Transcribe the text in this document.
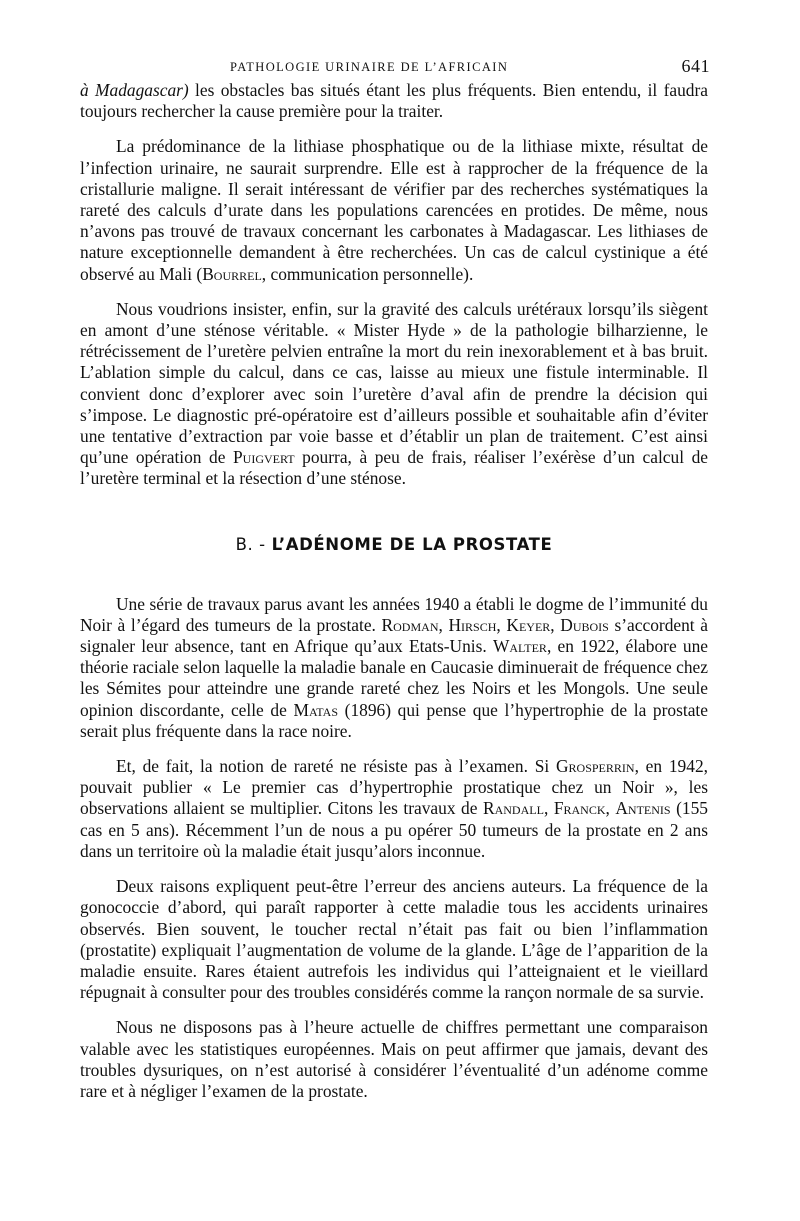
PATHOLOGIE URINAIRE DE L’AFRICAIN	641

à Madagascar) les obstacles bas situés étant les plus fréquents. Bien entendu, il faudra toujours rechercher la cause première pour la traiter.

La prédominance de la lithiase phosphatique ou de la lithiase mixte, résultat de l’infection urinaire, ne saurait surprendre. Elle est à rapprocher de la fréquence de la cristallurie maligne. Il serait intéressant de vérifier par des recherches systématiques la rareté des calculs d’urate dans les populations carencées en protides. De même, nous n’avons pas trouvé de travaux concernant les carbonates à Madagascar. Les lithiases de nature exceptionnelle demandent à être recherchées. Un cas de calcul cystinique a été observé au Mali (Bourrel, communication personnelle).

Nous voudrions insister, enfin, sur la gravité des calculs urétéraux lorsqu’ils siègent en amont d’une sténose véritable. « Mister Hyde » de la pathologie bilharzienne, le rétrécissement de l’uretère pelvien entraîne la mort du rein inexorablement et à bas bruit. L’ablation simple du calcul, dans ce cas, laisse au mieux une fistule interminable. Il convient donc d’explorer avec soin l’uretère d’aval afin de prendre la décision qui s’impose. Le diagnostic pré-opératoire est d’ailleurs possible et souhaitable afin d’éviter une tentative d’extraction par voie basse et d’établir un plan de traitement. C’est ainsi qu’une opération de Puigvert pourra, à peu de frais, réaliser l’exérèse d’un calcul de l’uretère terminal et la résection d’une sténose.

B. - L’ADÉNOME DE LA PROSTATE

Une série de travaux parus avant les années 1940 a établi le dogme de l’immunité du Noir à l’égard des tumeurs de la prostate. Rodman, Hirsch, Keyer, Dubois s’accordent à signaler leur absence, tant en Afrique qu’aux Etats-Unis. Walter, en 1922, élabore une théorie raciale selon laquelle la maladie banale en Caucasie diminuerait de fréquence chez les Sémites pour atteindre une grande rareté chez les Noirs et les Mongols. Une seule opinion discordante, celle de Matas (1896) qui pense que l’hypertrophie de la prostate serait plus fréquente dans la race noire.

Et, de fait, la notion de rareté ne résiste pas à l’examen. Si Grosperrin, en 1942, pouvait publier « Le premier cas d’hypertrophie prostatique chez un Noir », les observations allaient se multiplier. Citons les travaux de Randall, Franck, Antenis (155 cas en 5 ans). Récemment l’un de nous a pu opérer 50 tumeurs de la prostate en 2 ans dans un territoire où la maladie était jusqu’alors inconnue.

Deux raisons expliquent peut-être l’erreur des anciens auteurs. La fréquence de la gonococcie d’abord, qui paraît rapporter à cette maladie tous les accidents urinaires observés. Bien souvent, le toucher rectal n’était pas fait ou bien l’inflammation (prostatite) expliquait l’augmentation de volume de la glande. L’âge de l’apparition de la maladie ensuite. Rares étaient autrefois les individus qui l’atteignaient et le vieillard répugnait à consulter pour des troubles considérés comme la rançon normale de sa survie.

Nous ne disposons pas à l’heure actuelle de chiffres permettant une comparaison valable avec les statistiques européennes. Mais on peut affirmer que jamais, devant des troubles dysuriques, on n’est autorisé à considérer l’éventualité d’un adénome comme rare et à négliger l’examen de la prostate.
